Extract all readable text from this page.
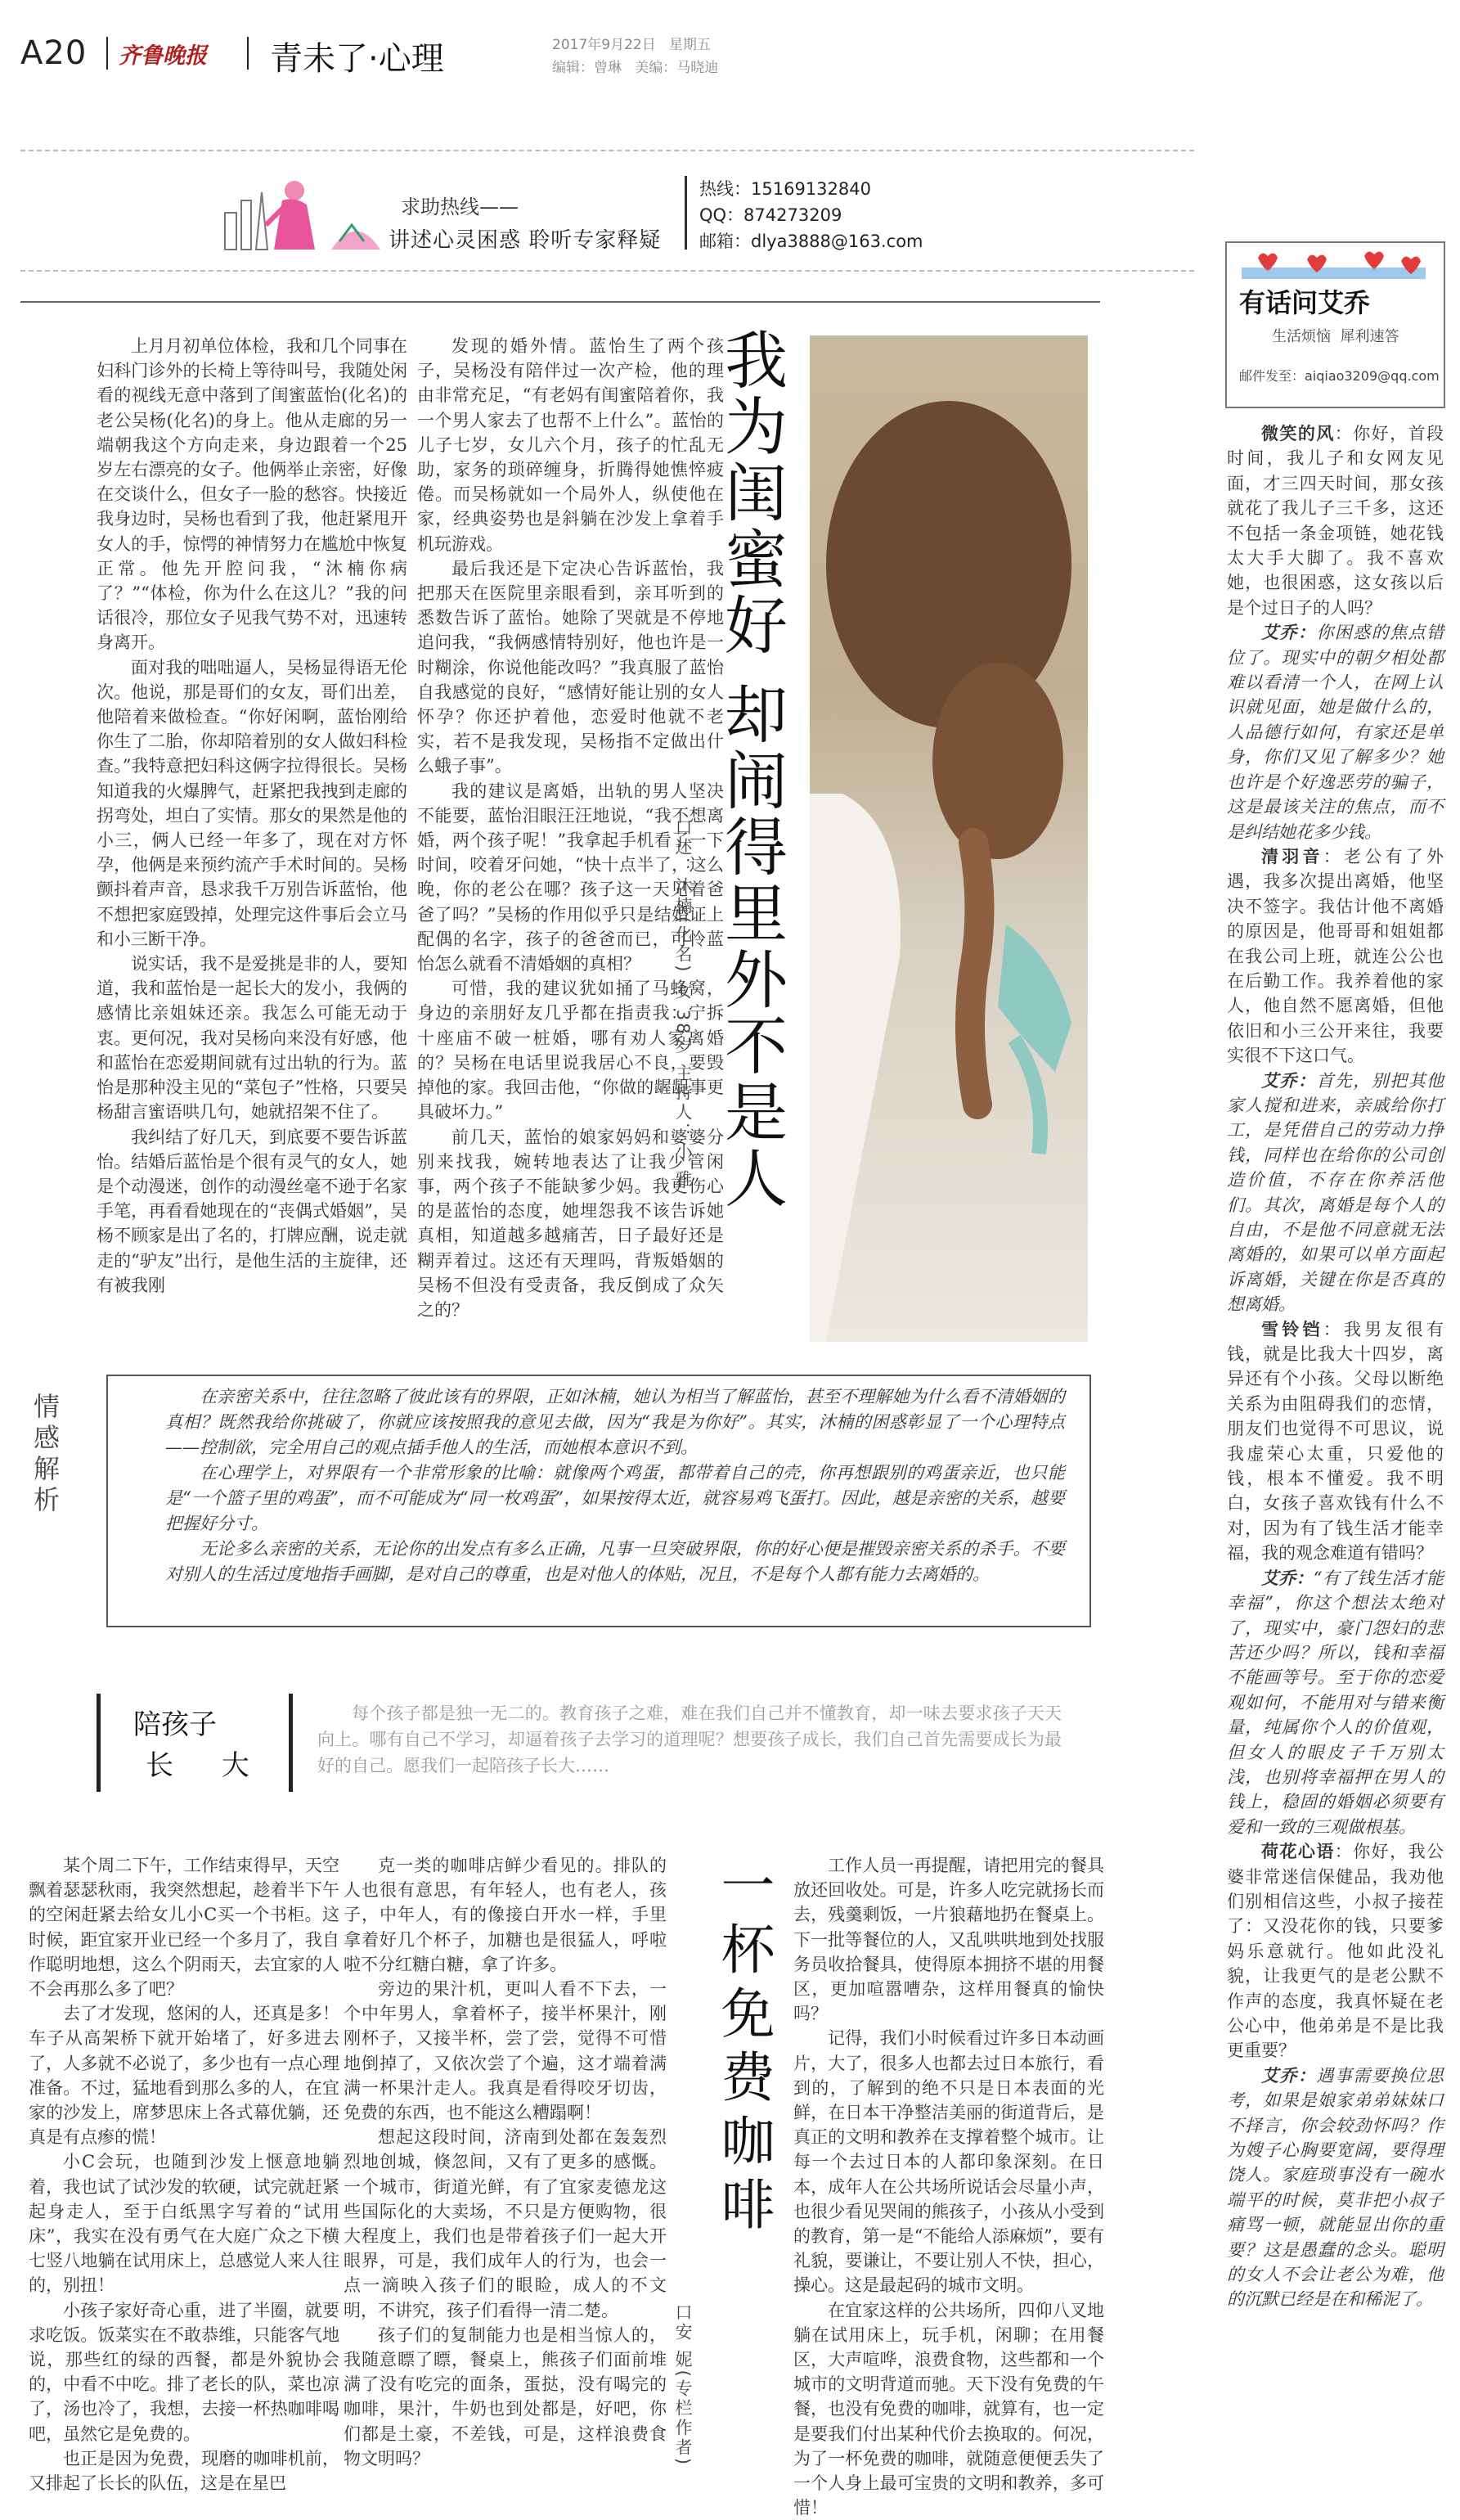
A20 齐鲁晚报 青未了·心理	2017年9月22日 星期五
编辑：曾琳 美编：马晓迪
求助热线——
讲述心灵困惑 聆听专家释疑
热线：15169132840
QQ：874273209
邮箱：dlya3888@163.com
有话问艾乔
生活烦恼 犀利速答
邮件发至：aiqiao3209@qq.com

上月月初单位体检，我和几个同事在妇科门诊外的长椅上等待叫号，我随处闲看的视线无意中落到了闺蜜蓝怡(化名)的老公吴杨(化名)的身上。他从走廊的另一端朝我这个方向走来，身边跟着一个25岁左右漂亮的女子。他俩举止亲密，好像在交谈什么，但女子一脸的愁容。快接近我身边时，吴杨也看到了我，他赶紧甩开女人的手，惊愕的神情努力在尴尬中恢复正常。他先开腔问我，“沐楠你病了？”“体检，你为什么在这儿？”我的问话很冷，那位女子见我气势不对，迅速转身离开。

面对我的咄咄逼人，吴杨显得语无伦次。他说，那是哥们的女友，哥们出差，他陪着来做检查。“你好闲啊，蓝怡刚给你生了二胎，你却陪着别的女人做妇科检查。”我特意把妇科这俩字拉得很长。吴杨知道我的火爆脾气，赶紧把我拽到走廊的拐弯处，坦白了实情。那女的果然是他的小三，俩人已经一年多了，现在对方怀孕，他俩是来预约流产手术时间的。吴杨颤抖着声音，恳求我千万别告诉蓝怡，他不想把家庭毁掉，处理完这件事后会立马和小三断干净。

说实话，我不是爱挑是非的人，要知道，我和蓝怡是一起长大的发小，我俩的感情比亲姐妹还亲。我怎么可能无动于衷。更何况，我对吴杨向来没有好感，他和蓝怡在恋爱期间就有过出轨的行为。蓝怡是那种没主见的“菜包子”性格，只要吴杨甜言蜜语哄几句，她就招架不住了。

我纠结了好几天，到底要不要告诉蓝怡。结婚后蓝怡是个很有灵气的女人，她是个动漫迷，创作的动漫丝毫不逊于名家手笔，再看看她现在的“丧偶式婚姻”，吴杨不顾家是出了名的，打牌应酬，说走就走的“驴友”出行，是他生活的主旋律，还有被我刚

发现的婚外情。蓝怡生了两个孩子，吴杨没有陪伴过一次产检，他的理由非常充足，“有老妈有闺蜜陪着你，我一个男人家去了也帮不上什么”。蓝怡的儿子七岁，女儿六个月，孩子的忙乱无助，家务的琐碎缠身，折腾得她憔悴疲倦。而吴杨就如一个局外人，纵使他在家，经典姿势也是斜躺在沙发上拿着手机玩游戏。

最后我还是下定决心告诉蓝怡，我把那天在医院里亲眼看到，亲耳听到的悉数告诉了蓝怡。她除了哭就是不停地追问我，“我俩感情特别好，他也许是一时糊涂，你说他能改吗？”我真服了蓝怡自我感觉的良好，“感情好能让别的女人怀孕？你还护着他，恋爱时他就不老实，若不是我发现，吴杨指不定做出什么蛾子事”。

我的建议是离婚，出轨的男人坚决不能要，蓝怡泪眼汪汪地说，“我不想离婚，两个孩子呢！”我拿起手机看了一下时间，咬着牙问她，“快十点半了，这么晚，你的老公在哪？孩子这一天见着爸爸了吗？”吴杨的作用似乎只是结婚证上配偶的名字，孩子的爸爸而已，可怜蓝怡怎么就看不清婚姻的真相？

可惜，我的建议犹如捅了马蜂窝，身边的亲朋好友几乎都在指责我：宁拆十座庙不破一桩婚，哪有劝人家离婚的？吴杨在电话里说我居心不良，要毁掉他的家。我回击他，“你做的龌龊事更具破坏力。”

前几天，蓝怡的娘家妈妈和婆婆分别来找我，婉转地表达了让我少管闲事，两个孩子不能缺爹少妈。我更伤心的是蓝怡的态度，她埋怨我不该告诉她真相，知道越多越痛苦，日子最好还是糊弄着过。这还有天理吗，背叛婚姻的吴杨不但没有受责备，我反倒成了众矢之的？

我为闺蜜好 却闹得里外不是人
口述：沐楠(化名) 女 38岁 主持人：小 雅
情感解析	在亲密关系中，往往忽略了彼此该有的界限，正如沐楠，她认为相当了解蓝怡，甚至不理解她为什么看不清婚姻的真相？既然我给你挑破了，你就应该按照我的意见去做，因为“我是为你好”。其实，沐楠的困惑彰显了一个心理特点——控制欲，完全用自己的观点插手他人的生活，而她根本意识不到。

在心理学上，对界限有一个非常形象的比喻：就像两个鸡蛋，都带着自己的壳，你再想跟别的鸡蛋亲近，也只能是“一个篮子里的鸡蛋”，而不可能成为“同一枚鸡蛋”，如果按得太近，就容易鸡飞蛋打。因此，越是亲密的关系，越要把握好分寸。

无论多么亲密的关系，无论你的出发点有多么正确，凡事一旦突破界限，你的好心便是摧毁亲密关系的杀手。不要对别人的生活过度地指手画脚，是对自己的尊重，也是对他人的体贴，况且，不是每个人都有能力去离婚的。

陪孩子
长 大
每个孩子都是独一无二的。教育孩子之难，难在我们自己并不懂教育，却一味去要求孩子天天向上。哪有自己不学习，却逼着孩子去学习的道理呢？想要孩子成长，我们自己首先需要成长为最好的自己。愿我们一起陪孩子长大……

某个周二下午，工作结束得早，天空飘着瑟瑟秋雨，我突然想起，趁着半下午的空闲赶紧去给女儿小C买一个书柜。这时候，距宜家开业已经一个多月了，我自作聪明地想，这么个阴雨天，去宜家的人不会再那么多了吧？

去了才发现，悠闲的人，还真是多！车子从高架桥下就开始堵了，好多进去了，人多就不必说了，多少也有一点心理准备。不过，猛地看到那么多的人，在宜家的沙发上，席梦思床上各式幕优躺，还真是有点瘆的慌！

小C会玩，也随到沙发上惬意地躺着，我也试了试沙发的软硬，试完就赶紧起身走人，至于白纸黑字写着的“试用床”，我实在没有勇气在大庭广众之下横七竖八地躺在试用床上，总感觉人来人往的，别扭！

小孩子家好奇心重，进了半圈，就要求吃饭。饭菜实在不敢恭维，只能客气地说，那些红的绿的西餐，都是外貌协会的，中看不中吃。排了老长的队，菜也凉了，汤也冷了，我想，去接一杯热咖啡喝吧，虽然它是免费的。

也正是因为免费，现磨的咖啡机前，又排起了长长的队伍，这是在星巴

克一类的咖啡店鲜少看见的。排队的人也很有意思，有年轻人，也有老人，孩子，中年人，有的像接白开水一样，手里拿着好几个杯子，加糖也是很猛人，呼啦啦不分红糖白糖，拿了许多。

旁边的果汁机，更叫人看不下去，一个中年男人，拿着杯子，接半杯果汁，刚刚杯子，又接半杯，尝了尝，觉得不可惜地倒掉了，又依次尝了个遍，这才端着满满一杯果汁走人。我真是看得咬牙切齿，免费的东西，也不能这么糟蹋啊！

想起这段时间，济南到处都在轰轰烈烈地创城，倏忽间，又有了更多的感慨。一个城市，街道光鲜，有了宜家麦德龙这些国际化的大卖场，不只是方便购物，很大程度上，我们也是带着孩子们一起大开眼界，可是，我们成年人的行为，也会一点一滴映入孩子们的眼睑，成人的不文明，不讲究，孩子们看得一清二楚。

孩子们的复制能力也是相当惊人的，我随意瞟了瞟，餐桌上，熊孩子们面前堆满了没有吃完的面条，蛋挞，没有喝完的咖啡，果汁，牛奶也到处都是，好吧，你们都是土豪，不差钱，可是，这样浪费食物文明吗？

一杯免费咖啡
口安 妮(专栏作者)

工作人员一再提醒，请把用完的餐具放还回收处。可是，许多人吃完就扬长而去，残羹剩饭，一片狼藉地扔在餐桌上。下一批等餐位的人，又乱哄哄地到处找服务员收拾餐具，使得原本拥挤不堪的用餐区，更加喧嚣嘈杂，这样用餐真的愉快吗？

记得，我们小时候看过许多日本动画片，大了，很多人也都去过日本旅行，看到的，了解到的绝不只是日本表面的光鲜，在日本干净整洁美丽的街道背后，是真正的文明和教养在支撑着整个城市。让每一个去过日本的人都印象深刻。在日本，成年人在公共场所说话会尽量小声，也很少看见哭闹的熊孩子，小孩从小受到的教育，第一是“不能给人添麻烦”，要有礼貌，要谦让，不要让别人不快，担心，操心。这是最起码的城市文明。

在宜家这样的公共场所，四仰八叉地躺在试用床上，玩手机，闲聊；在用餐区，大声喧哗，浪费食物，这些都和一个城市的文明背道而驰。天下没有免费的午餐，也没有免费的咖啡，就算有，也一定是要我们付出某种代价去换取的。何况，为了一杯免费的咖啡，就随意便便丢失了一个人身上最可宝贵的文明和教养，多可惜！

微笑的风：你好，首段时间，我儿子和女网友见面，才三四天时间，那女孩就花了我儿子三千多，这还不包括一条金项链，她花钱太大手大脚了。我不喜欢她，也很困惑，这女孩以后是个过日子的人吗？

艾乔：你困惑的焦点错位了。现实中的朝夕相处都难以看清一个人，在网上认识就见面，她是做什么的，人品德行如何，有家还是单身，你们又见了解多少？她也许是个好逸恶劳的骗子，这是最该关注的焦点，而不是纠结她花多少钱。

清羽音：老公有了外遇，我多次提出离婚，他坚决不签字。我估计他不离婚的原因是，他哥哥和姐姐都在我公司上班，就连公公也在后勤工作。我养着他的家人，他自然不愿离婚，但他依旧和小三公开来往，我要实很不下这口气。

艾乔：首先，别把其他家人搅和进来，亲戚给你打工，是凭借自己的劳动力挣钱，同样也在给你的公司创造价值，不存在你养活他们。其次，离婚是每个人的自由，不是他不同意就无法离婚的，如果可以单方面起诉离婚，关键在你是否真的想离婚。

雪铃铛：我男友很有钱，就是比我大十四岁，离异还有个小孩。父母以断绝关系为由阻碍我们的恋情，朋友们也觉得不可思议，说我虚荣心太重，只爱他的钱，根本不懂爱。我不明白，女孩子喜欢钱有什么不对，因为有了钱生活才能幸福，我的观念难道有错吗？

艾乔：“有了钱生活才能幸福”，你这个想法太绝对了，现实中，豪门怨妇的悲苦还少吗？所以，钱和幸福不能画等号。至于你的恋爱观如何，不能用对与错来衡量，纯属你个人的价值观，但女人的眼皮子千万别太浅，也别将幸福押在男人的钱上，稳固的婚姻必须要有爱和一致的三观做根基。

荷花心语：你好，我公婆非常迷信保健品，我劝他们别相信这些，小叔子接茬了：又没花你的钱，只要爹妈乐意就行。他如此没礼貌，让我更气的是老公默不作声的态度，我真怀疑在老公心中，他弟弟是不是比我更重要？

艾乔：遇事需要换位思考，如果是娘家弟弟妹妹口不择言，你会较劲怀吗？作为嫂子心胸要宽阔，要得理饶人。家庭琐事没有一碗水端平的时候，莫非把小叔子痛骂一顿，就能显出你的重要？这是愚蠢的念头。聪明的女人不会让老公为难，他的沉默已经是在和稀泥了。
